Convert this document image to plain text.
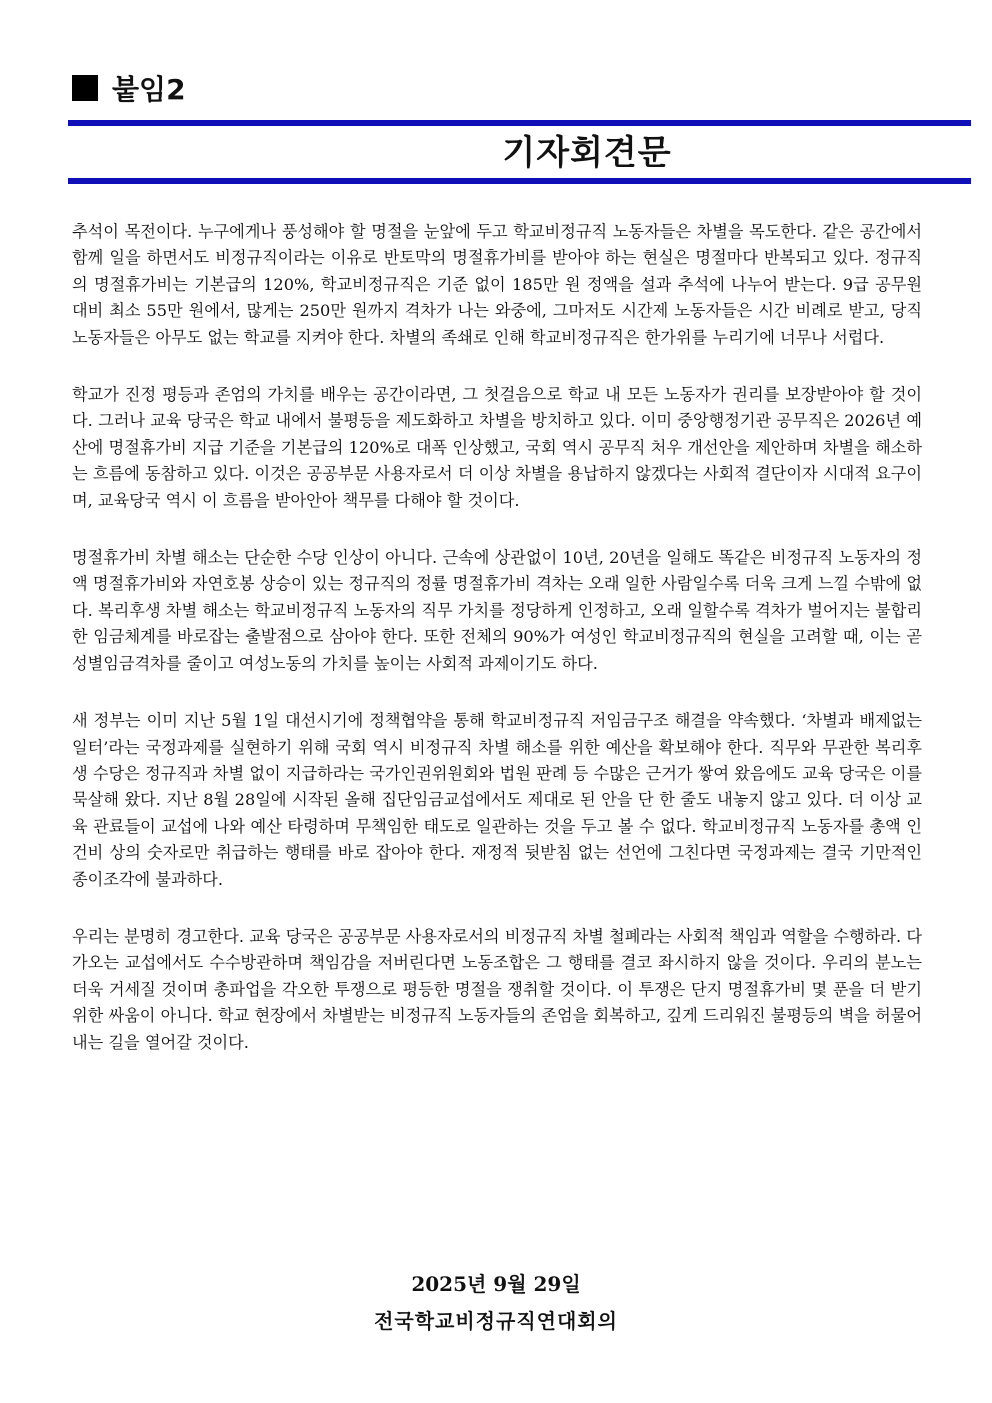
붙임2
기자회견문

추석이 목전이다. 누구에게나 풍성해야 할 명절을 눈앞에 두고 학교비정규직 노동자들은 차별을 목도한다. 같은 공간에서 함께 일을 하면서도 비정규직이라는 이유로 반토막의 명절휴가비를 받아야 하는 현실은 명절마다 반복되고 있다. 정규직의 명절휴가비는 기본급의 120%, 학교비정규직은 기준 없이 185만 원 정액을 설과 추석에 나누어 받는다. 9급 공무원 대비 최소 55만 원에서, 많게는 250만 원까지 격차가 나는 와중에, 그마저도 시간제 노동자들은 시간 비례로 받고, 당직 노동자들은 아무도 없는 학교를 지켜야 한다. 차별의 족쇄로 인해 학교비정규직은 한가위를 누리기에 너무나 서럽다.

학교가 진정 평등과 존엄의 가치를 배우는 공간이라면, 그 첫걸음으로 학교 내 모든 노동자가 권리를 보장받아야 할 것이다. 그러나 교육 당국은 학교 내에서 불평등을 제도화하고 차별을 방치하고 있다. 이미 중앙행정기관 공무직은 2026년 예산에 명절휴가비 지급 기준을 기본급의 120%로 대폭 인상했고, 국회 역시 공무직 처우 개선안을 제안하며 차별을 해소하는 흐름에 동참하고 있다. 이것은 공공부문 사용자로서 더 이상 차별을 용납하지 않겠다는 사회적 결단이자 시대적 요구이며, 교육당국 역시 이 흐름을 받아안아 책무를 다해야 할 것이다.

명절휴가비 차별 해소는 단순한 수당 인상이 아니다. 근속에 상관없이 10년, 20년을 일해도 똑같은 비정규직 노동자의 정액 명절휴가비와 자연호봉 상승이 있는 정규직의 정률 명절휴가비 격차는 오래 일한 사람일수록 더욱 크게 느낄 수밖에 없다. 복리후생 차별 해소는 학교비정규직 노동자의 직무 가치를 정당하게 인정하고, 오래 일할수록 격차가 벌어지는 불합리한 임금체계를 바로잡는 출발점으로 삼아야 한다. 또한 전체의 90%가 여성인 학교비정규직의 현실을 고려할 때, 이는 곧 성별임금격차를 줄이고 여성노동의 가치를 높이는 사회적 과제이기도 하다.

새 정부는 이미 지난 5월 1일 대선시기에 정책협약을 통해 학교비정규직 저임금구조 해결을 약속했다. ‘차별과 배제없는 일터’라는 국정과제를 실현하기 위해 국회 역시 비정규직 차별 해소를 위한 예산을 확보해야 한다. 직무와 무관한 복리후생 수당은 정규직과 차별 없이 지급하라는 국가인권위원회와 법원 판례 등 수많은 근거가 쌓여 왔음에도 교육 당국은 이를 묵살해 왔다. 지난 8월 28일에 시작된 올해 집단임금교섭에서도 제대로 된 안을 단 한 줄도 내놓지 않고 있다. 더 이상 교육 관료들이 교섭에 나와 예산 타령하며 무책임한 태도로 일관하는 것을 두고 볼 수 없다. 학교비정규직 노동자를 총액 인건비 상의 숫자로만 취급하는 행태를 바로 잡아야 한다. 재정적 뒷받침 없는 선언에 그친다면 국정과제는 결국 기만적인 종이조각에 불과하다.

우리는 분명히 경고한다. 교육 당국은 공공부문 사용자로서의 비정규직 차별 철폐라는 사회적 책임과 역할을 수행하라. 다가오는 교섭에서도 수수방관하며 책임감을 저버린다면 노동조합은 그 행태를 결코 좌시하지 않을 것이다. 우리의 분노는 더욱 거세질 것이며 총파업을 각오한 투쟁으로 평등한 명절을 쟁취할 것이다. 이 투쟁은 단지 명절휴가비 몇 푼을 더 받기 위한 싸움이 아니다. 학교 현장에서 차별받는 비정규직 노동자들의 존엄을 회복하고, 깊게 드리워진 불평등의 벽을 허물어내는 길을 열어갈 것이다.

2025년 9월 29일
전국학교비정규직연대회의
